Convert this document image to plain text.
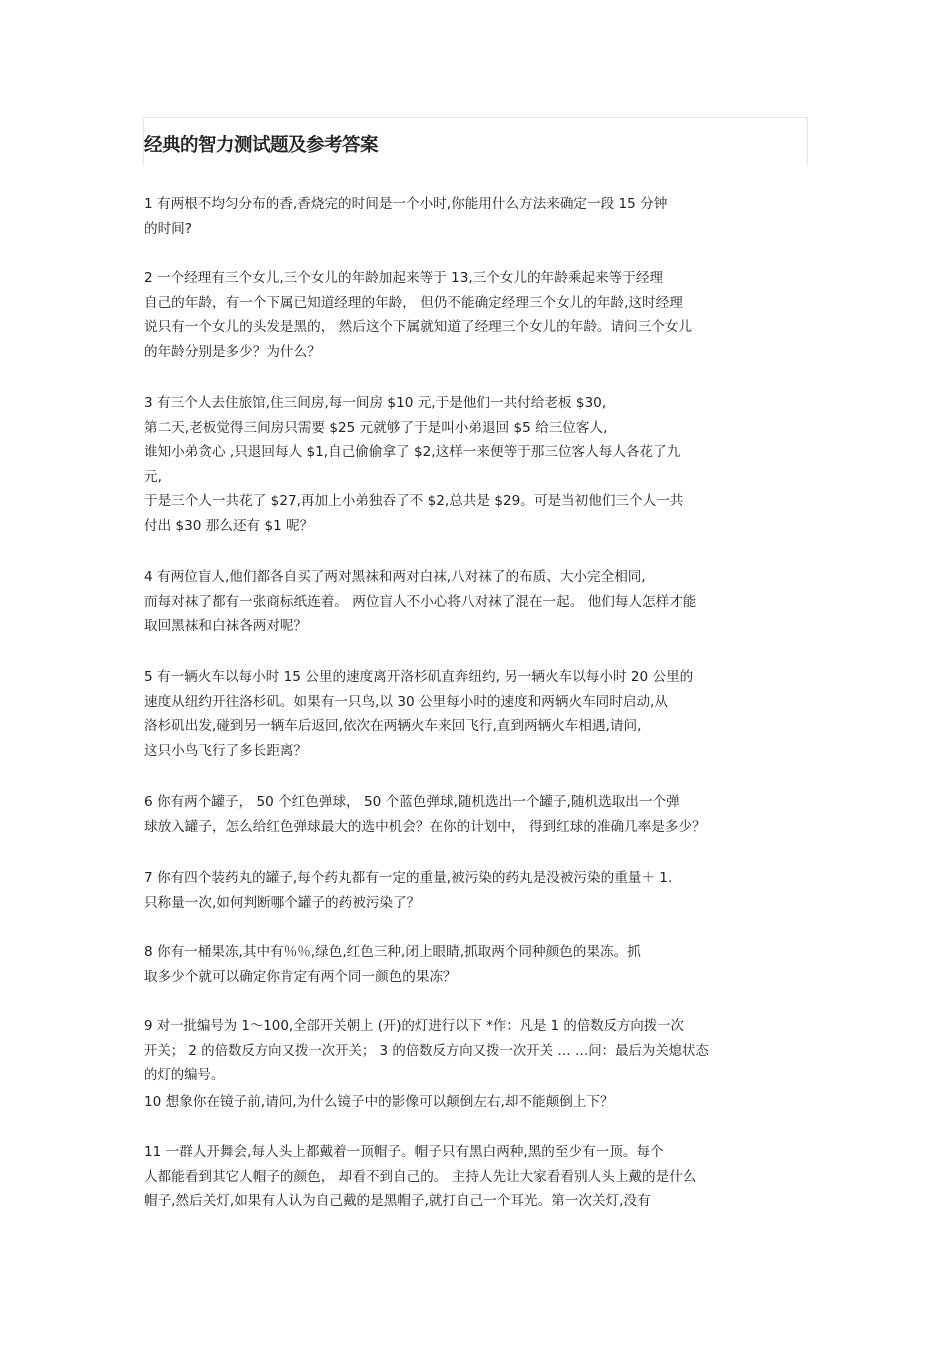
经典的智力测试题及参考答案
1 有两根不均匀分布的香,香烧完的时间是一个小时,你能用什么方法来确定一段 15 分钟
的时间?
2 一个经理有三个女儿,三个女儿的年龄加起来等于 13,三个女儿的年龄乘起来等于经理
自己的年龄，有一个下属已知道经理的年龄， 但仍不能确定经理三个女儿的年龄,这时经理
说只有一个女儿的头发是黑的， 然后这个下属就知道了经理三个女儿的年龄。请问三个女儿
的年龄分别是多少？为什么？
3 有三个人去住旅馆,住三间房,每一间房 $10 元,于是他们一共付给老板 $30,
第二天,老板觉得三间房只需要 $25 元就够了于是叫小弟退回 $5 给三位客人,
谁知小弟贪心 ,只退回每人 $1,自己偷偷拿了 $2,这样一来便等于那三位客人每人各花了九
元,
于是三个人一共花了 $27,再加上小弟独吞了不 $2,总共是 $29。可是当初他们三个人一共
付出 $30 那么还有 $1 呢？
4 有两位盲人,他们都各自买了两对黑袜和两对白袜,八对袜了的布质、大小完全相同,
而每对袜了都有一张商标纸连着。 两位盲人不小心将八对袜了混在一起。 他们每人怎样才能
取回黑袜和白袜各两对呢？
5 有一辆火车以每小时 15 公里的速度离开洛杉矶直奔纽约, 另一辆火车以每小时 20 公里的
速度从纽约开往洛杉矶。如果有一只鸟,以 30 公里每小时的速度和两辆火车同时启动,从
洛杉矶出发,碰到另一辆车后返回,依次在两辆火车来回飞行,直到两辆火车相遇,请问,
这只小鸟飞行了多长距离？
6 你有两个罐子， 50 个红色弹球， 50 个蓝色弹球,随机选出一个罐子,随机选取出一个弹
球放入罐子，怎么给红色弹球最大的选中机会？在你的计划中， 得到红球的准确几率是多少？
7 你有四个装药丸的罐子,每个药丸都有一定的重量,被污染的药丸是没被污染的重量＋ 1.
只称量一次,如何判断哪个罐子的药被污染了？
8 你有一桶果冻,其中有％％,绿色,红色三种,闭上眼睛,抓取两个同种颜色的果冻。抓
取多少个就可以确定你肯定有两个同一颜色的果冻？
9 对一批编号为 1～100,全部开关朝上 (开)的灯进行以下 *作：凡是 1 的倍数反方向拨一次
开关； 2 的倍数反方向又拨一次开关； 3 的倍数反方向又拨一次开关 … …问：最后为关熄状态
的灯的编号。
10 想象你在镜子前,请问,为什么镜子中的影像可以颠倒左右,却不能颠倒上下？
11 一群人开舞会,每人头上都戴着一顶帽子。帽子只有黑白两种,黑的至少有一顶。每个
人都能看到其它人帽子的颜色， 却看不到自己的。 主持人先让大家看看别人头上戴的是什么
帽子,然后关灯,如果有人认为自己戴的是黑帽子,就打自己一个耳光。第一次关灯,没有
